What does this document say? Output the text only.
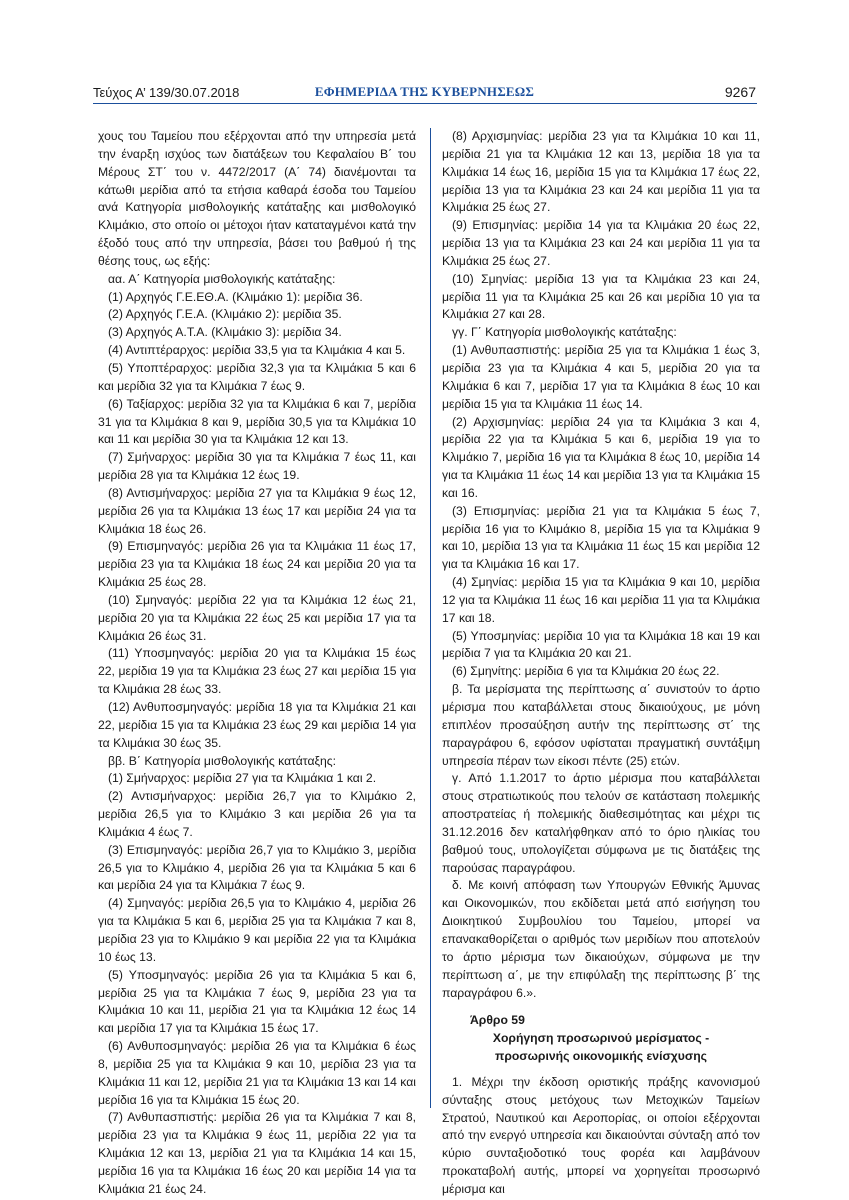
Τεύχος Α’ 139/30.07.2018	ΕΦΗΜΕΡΙΔΑ ΤΗΣ ΚΥΒΕΡΝΗΣΕΩΣ	9267

χους του Ταμείου που εξέρχονται από την υπηρεσία μετά την έναρξη ισχύος των διατάξεων του Κεφαλαίου Β΄ του Μέρους ΣΤ΄ του ν. 4472/2017 (Α΄ 74) διανέμονται τα κάτωθι μερίδια από τα ετήσια καθαρά έσοδα του Ταμείου ανά Κατηγορία μισθολογικής κατάταξης και μισθολογικό Κλιμάκιο, στο οποίο οι μέτοχοι ήταν καταταγμένοι κατά την έξοδό τους από την υπηρεσία, βάσει του βαθμού ή της θέσης τους, ως εξής:

αα. Α΄ Κατηγορία μισθολογικής κατάταξης:

(1) Αρχηγός Γ.Ε.ΕΘ.Α. (Κλιμάκιο 1): μερίδια 36.

(2) Αρχηγός Γ.Ε.Α. (Κλιμάκιο 2): μερίδια 35.

(3) Αρχηγός Α.Τ.Α. (Κλιμάκιο 3): μερίδια 34.

(4) Αντιπτέραρχος: μερίδια 33,5 για τα Κλιμάκια 4 και 5.

(5) Υποπτέραρχος: μερίδια 32,3 για τα Κλιμάκια 5 και 6 και μερίδια 32 για τα Κλιμάκια 7 έως 9.

(6) Ταξίαρχος: μερίδια 32 για τα Κλιμάκια 6 και 7, μερίδια 31 για τα Κλιμάκια 8 και 9, μερίδια 30,5 για τα Κλιμάκια 10 και 11 και μερίδια 30 για τα Κλιμάκια 12 και 13.

(7) Σμήναρχος: μερίδια 30 για τα Κλιμάκια 7 έως 11, και μερίδια 28 για τα Κλιμάκια 12 έως 19.

(8) Αντισμήναρχος: μερίδια 27 για τα Κλιμάκια 9 έως 12, μερίδια 26 για τα Κλιμάκια 13 έως 17 και μερίδια 24 για τα Κλιμάκια 18 έως 26.

(9) Επισμηναγός: μερίδια 26 για τα Κλιμάκια 11 έως 17, μερίδια 23 για τα Κλιμάκια 18 έως 24 και μερίδια 20 για τα Κλιμάκια 25 έως 28.

(10) Σμηναγός: μερίδια 22 για τα Κλιμάκια 12 έως 21, μερίδια 20 για τα Κλιμάκια 22 έως 25 και μερίδια 17 για τα Κλιμάκια 26 έως 31.

(11) Υποσμηναγός: μερίδια 20 για τα Κλιμάκια 15 έως 22, μερίδια 19 για τα Κλιμάκια 23 έως 27 και μερίδια 15 για τα Κλιμάκια 28 έως 33.

(12) Ανθυποσμηναγός: μερίδια 18 για τα Κλιμάκια 21 και 22, μερίδια 15 για τα Κλιμάκια 23 έως 29 και μερίδια 14 για τα Κλιμάκια 30 έως 35.

ββ. Β΄ Κατηγορία μισθολογικής κατάταξης:

(1) Σμήναρχος: μερίδια 27 για τα Κλιμάκια 1 και 2.

(2) Αντισμήναρχος: μερίδια 26,7 για το Κλιμάκιο 2, μερίδια 26,5 για το Κλιμάκιο 3 και μερίδια 26 για τα Κλιμάκια 4 έως 7.

(3) Επισμηναγός: μερίδια 26,7 για το Κλιμάκιο 3, μερίδια 26,5 για το Κλιμάκιο 4, μερίδια 26 για τα Κλιμάκια 5 και 6 και μερίδια 24 για τα Κλιμάκια 7 έως 9.

(4) Σμηναγός: μερίδια 26,5 για το Κλιμάκιο 4, μερίδια 26 για τα Κλιμάκια 5 και 6, μερίδια 25 για τα Κλιμάκια 7 και 8, μερίδια 23 για το Κλιμάκιο 9 και μερίδια 22 για τα Κλιμάκια 10 έως 13.

(5) Υποσμηναγός: μερίδια 26 για τα Κλιμάκια 5 και 6, μερίδια 25 για τα Κλιμάκια 7 έως 9, μερίδια 23 για τα Κλιμάκια 10 και 11, μερίδια 21 για τα Κλιμάκια 12 έως 14 και μερίδια 17 για τα Κλιμάκια 15 έως 17.

(6) Ανθυποσμηναγός: μερίδια 26 για τα Κλιμάκια 6 έως 8, μερίδια 25 για τα Κλιμάκια 9 και 10, μερίδια 23 για τα Κλιμάκια 11 και 12, μερίδια 21 για τα Κλιμάκια 13 και 14 και μερίδια 16 για τα Κλιμάκια 15 έως 20.

(7) Ανθυπασπιστής: μερίδια 26 για τα Κλιμάκια 7 και 8, μερίδια 23 για τα Κλιμάκια 9 έως 11, μερίδια 22 για τα Κλιμάκια 12 και 13, μερίδια 21 για τα Κλιμάκια 14 και 15, μερίδια 16 για τα Κλιμάκια 16 έως 20 και μερίδια 14 για τα Κλιμάκια 21 έως 24.

(8) Αρχισμηνίας: μερίδια 23 για τα Κλιμάκια 10 και 11, μερίδια 21 για τα Κλιμάκια 12 και 13, μερίδια 18 για τα Κλιμάκια 14 έως 16, μερίδια 15 για τα Κλιμάκια 17 έως 22, μερίδια 13 για τα Κλιμάκια 23 και 24 και μερίδια 11 για τα Κλιμάκια 25 έως 27.

(9) Επισμηνίας: μερίδια 14 για τα Κλιμάκια 20 έως 22, μερίδια 13 για τα Κλιμάκια 23 και 24 και μερίδια 11 για τα Κλιμάκια 25 έως 27.

(10) Σμηνίας: μερίδια 13 για τα Κλιμάκια 23 και 24, μερίδια 11 για τα Κλιμάκια 25 και 26 και μερίδια 10 για τα Κλιμάκια 27 και 28.

γγ. Γ΄ Κατηγορία μισθολογικής κατάταξης:

(1) Ανθυπασπιστής: μερίδια 25 για τα Κλιμάκια 1 έως 3, μερίδια 23 για τα Κλιμάκια 4 και 5, μερίδια 20 για τα Κλιμάκια 6 και 7, μερίδια 17 για τα Κλιμάκια 8 έως 10 και μερίδια 15 για τα Κλιμάκια 11 έως 14.

(2) Αρχισμηνίας: μερίδια 24 για τα Κλιμάκια 3 και 4, μερίδια 22 για τα Κλιμάκια 5 και 6, μερίδια 19 για το Κλιμάκιο 7, μερίδια 16 για τα Κλιμάκια 8 έως 10, μερίδια 14 για τα Κλιμάκια 11 έως 14 και μερίδια 13 για τα Κλιμάκια 15 και 16.

(3) Επισμηνίας: μερίδια 21 για τα Κλιμάκια 5 έως 7, μερίδια 16 για το Κλιμάκιο 8, μερίδια 15 για τα Κλιμάκια 9 και 10, μερίδια 13 για τα Κλιμάκια 11 έως 15 και μερίδια 12 για τα Κλιμάκια 16 και 17.

(4) Σμηνίας: μερίδια 15 για τα Κλιμάκια 9 και 10, μερίδια 12 για τα Κλιμάκια 11 έως 16 και μερίδια 11 για τα Κλιμάκια 17 και 18.

(5) Υποσμηνίας: μερίδια 10 για τα Κλιμάκια 18 και 19 και μερίδια 7 για τα Κλιμάκια 20 και 21.

(6) Σμηνίτης: μερίδια 6 για τα Κλιμάκια 20 έως 22.

β. Τα μερίσματα της περίπτωσης α΄ συνιστούν το άρτιο μέρισμα που καταβάλλεται στους δικαιούχους, με μόνη επιπλέον προσαύξηση αυτήν της περίπτωσης στ΄ της παραγράφου 6, εφόσον υφίσταται πραγματική συντάξιμη υπηρεσία πέραν των είκοσι πέντε (25) ετών.

γ. Από 1.1.2017 το άρτιο μέρισμα που καταβάλλεται στους στρατιωτικούς που τελούν σε κατάσταση πολεμικής αποστρατείας ή πολεμικής διαθεσιμότητας και μέχρι τις 31.12.2016 δεν καταλήφθηκαν από το όριο ηλικίας του βαθμού τους, υπολογίζεται σύμφωνα με τις διατάξεις της παρούσας παραγράφου.

δ. Με κοινή απόφαση των Υπουργών Εθνικής Άμυνας και Οικονομικών, που εκδίδεται μετά από εισήγηση του Διοικητικού Συμβουλίου του Ταμείου, μπορεί να επανακαθορίζεται ο αριθμός των μεριδίων που αποτελούν το άρτιο μέρισμα των δικαιούχων, σύμφωνα με την περίπτωση α΄, με την επιφύλαξη της περίπτωσης β΄ της παραγράφου 6.».

Άρθρο 59
Χορήγηση προσωρινού μερίσματος -
προσωρινής οικονομικής ενίσχυσης

1. Μέχρι την έκδοση οριστικής πράξης κανονισμού σύνταξης στους μετόχους των Μετοχικών Ταμείων Στρατού, Ναυτικού και Αεροπορίας, οι οποίοι εξέρχονται από την ενεργό υπηρεσία και δικαιούνται σύνταξη από τον κύριο συνταξιοδοτικό τους φορέα και λαμβάνουν προκαταβολή αυτής, μπορεί να χορηγείται προσωρινό μέρισμα και
